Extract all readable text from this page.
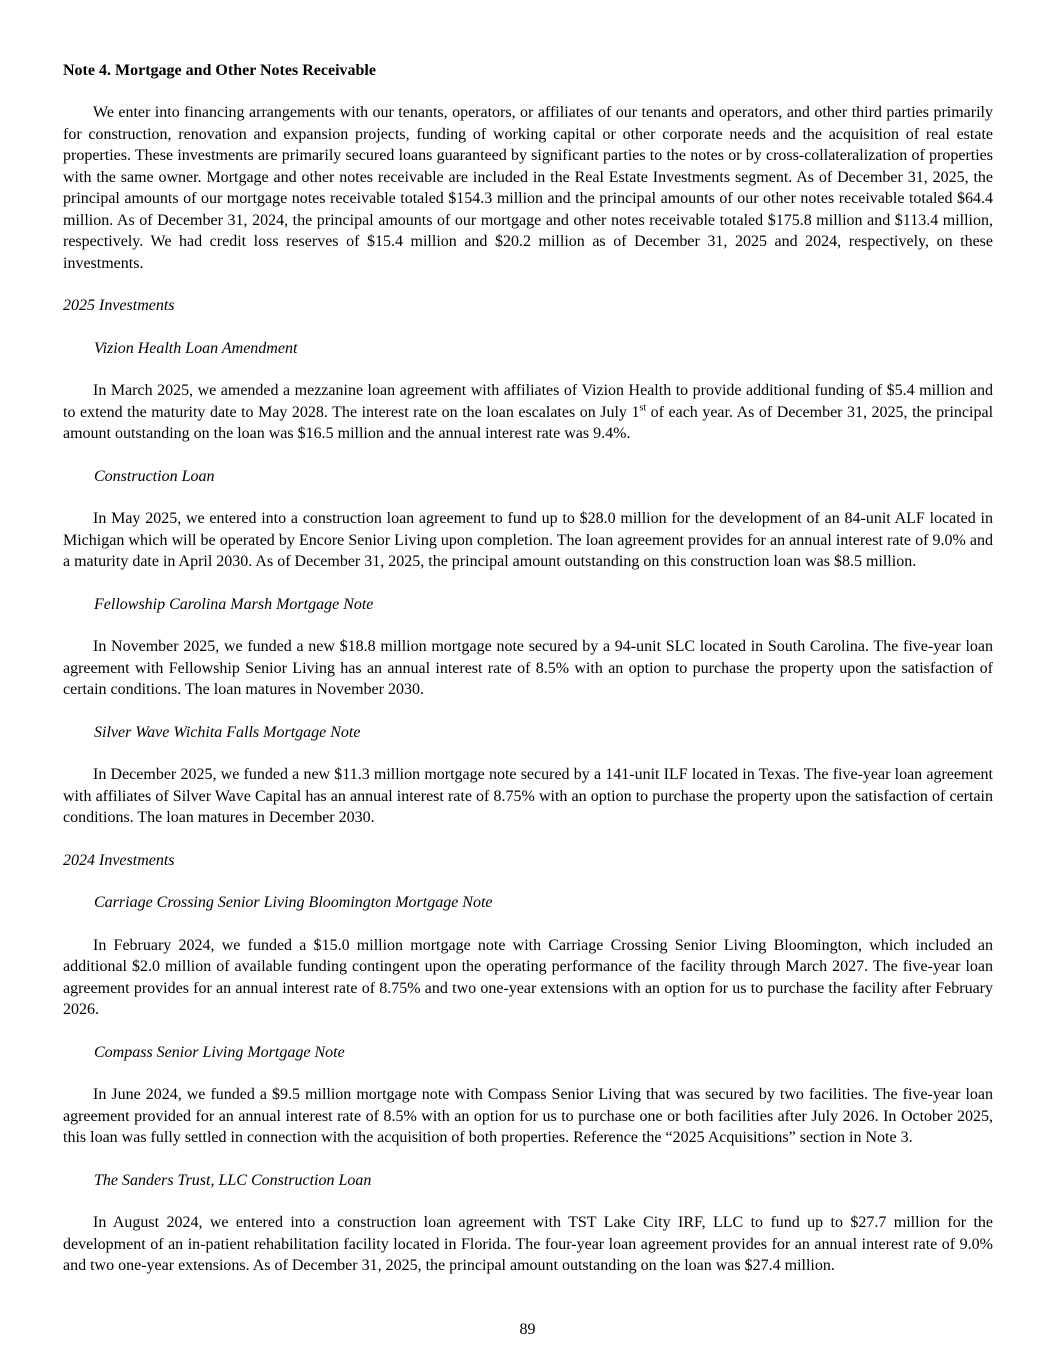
Note 4. Mortgage and Other Notes Receivable

We enter into financing arrangements with our tenants, operators, or affiliates of our tenants and operators, and other third parties primarily for construction, renovation and expansion projects, funding of working capital or other corporate needs and the acquisition of real estate properties. These investments are primarily secured loans guaranteed by significant parties to the notes or by cross-collateralization of properties with the same owner. Mortgage and other notes receivable are included in the Real Estate Investments segment. As of December 31, 2025, the principal amounts of our mortgage notes receivable totaled $154.3 million and the principal amounts of our other notes receivable totaled $64.4 million. As of December 31, 2024, the principal amounts of our mortgage and other notes receivable totaled $175.8 million and $113.4 million, respectively. We had credit loss reserves of $15.4 million and $20.2 million as of December 31, 2025 and 2024, respectively, on these investments.

2025 Investments
Vizion Health Loan Amendment

In March 2025, we amended a mezzanine loan agreement with affiliates of Vizion Health to provide additional funding of $5.4 million and to extend the maturity date to May 2028. The interest rate on the loan escalates on July 1st of each year. As of December 31, 2025, the principal amount outstanding on the loan was $16.5 million and the annual interest rate was 9.4%.

Construction Loan

In May 2025, we entered into a construction loan agreement to fund up to $28.0 million for the development of an 84-unit ALF located in Michigan which will be operated by Encore Senior Living upon completion. The loan agreement provides for an annual interest rate of 9.0% and a maturity date in April 2030. As of December 31, 2025, the principal amount outstanding on this construction loan was $8.5 million.

Fellowship Carolina Marsh Mortgage Note

In November 2025, we funded a new $18.8 million mortgage note secured by a 94-unit SLC located in South Carolina. The five-year loan agreement with Fellowship Senior Living has an annual interest rate of 8.5% with an option to purchase the property upon the satisfaction of certain conditions. The loan matures in November 2030.

Silver Wave Wichita Falls Mortgage Note

In December 2025, we funded a new $11.3 million mortgage note secured by a 141-unit ILF located in Texas. The five-year loan agreement with affiliates of Silver Wave Capital has an annual interest rate of 8.75% with an option to purchase the property upon the satisfaction of certain conditions. The loan matures in December 2030.

2024 Investments
Carriage Crossing Senior Living Bloomington Mortgage Note

In February 2024, we funded a $15.0 million mortgage note with Carriage Crossing Senior Living Bloomington, which included an additional $2.0 million of available funding contingent upon the operating performance of the facility through March 2027. The five-year loan agreement provides for an annual interest rate of 8.75% and two one-year extensions with an option for us to purchase the facility after February 2026.

Compass Senior Living Mortgage Note

In June 2024, we funded a $9.5 million mortgage note with Compass Senior Living that was secured by two facilities. The five-year loan agreement provided for an annual interest rate of 8.5% with an option for us to purchase one or both facilities after July 2026. In October 2025, this loan was fully settled in connection with the acquisition of both properties. Reference the “2025 Acquisitions” section in Note 3.

The Sanders Trust, LLC Construction Loan

In August 2024, we entered into a construction loan agreement with TST Lake City IRF, LLC to fund up to $27.7 million for the development of an in-patient rehabilitation facility located in Florida. The four-year loan agreement provides for an annual interest rate of 9.0% and two one-year extensions. As of December 31, 2025, the principal amount outstanding on the loan was $27.4 million.

89
